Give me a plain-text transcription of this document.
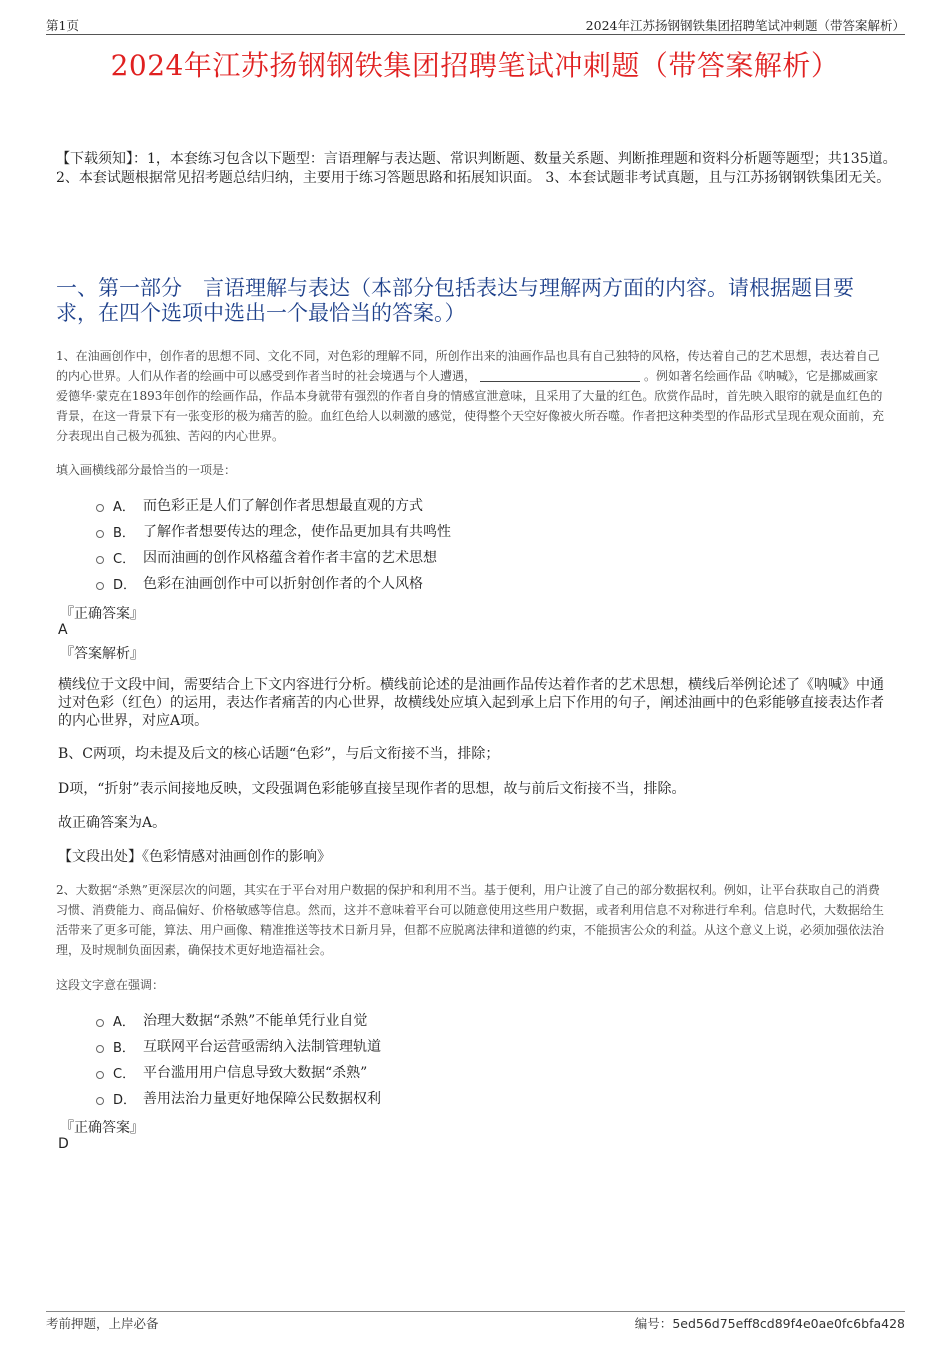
第1页	2024年江苏扬钢钢铁集团招聘笔试冲刺题（带答案解析）
2024年江苏扬钢钢铁集团招聘笔试冲刺题（带答案解析）
【下载须知】：1，本套练习包含以下题型：言语理解与表达题、常识判断题、数量关系题、判断推理题和资料分析题等题型；共135道。 2、本套试题根据常见招考题总结归纳，主要用于练习答题思路和拓展知识面。 3、本套试题非考试真题，且与江苏扬钢钢铁集团无关。
一、第一部分　言语理解与表达（本部分包括表达与理解两方面的内容。请根据题目要求，在四个选项中选出一个最恰当的答案。）
1、在油画创作中，创作者的思想不同、文化不同，对色彩的理解不同，所创作出来的油画作品也具有自己独特的风格，传达着自己的艺术思想，表达着自己的内心世界。人们从作者的绘画中可以感受到作者当时的社会境遇与个人遭遇，	。例如著名绘画作品《呐喊》，它是挪威画家爱德华·蒙克在1893年创作的绘画作品，作品本身就带有强烈的作者自身的情感宣泄意味，且采用了大量的红色。欣赏作品时，首先映入眼帘的就是血红色的背景，在这一背景下有一张变形的极为痛苦的脸。血红色给人以刺激的感觉，使得整个天空好像被火所吞噬。作者把这种类型的作品形式呈现在观众面前，充分表现出自己极为孤独、苦闷的内心世界。
填入画横线部分最恰当的一项是：
A． 而色彩正是人们了解创作者思想最直观的方式
B． 了解作者想要传达的理念，使作品更加具有共鸣性
C． 因而油画的创作风格蕴含着作者丰富的艺术思想
D． 色彩在油画创作中可以折射创作者的个人风格
『正确答案』
A
『答案解析』
横线位于文段中间，需要结合上下文内容进行分析。横线前论述的是油画作品传达着作者的艺术思想，横线后举例论述了《呐喊》中通过对色彩（红色）的运用，表达作者痛苦的内心世界，故横线处应填入起到承上启下作用的句子，阐述油画中的色彩能够直接表达作者的内心世界，对应A项。
B、C两项，均未提及后文的核心话题“色彩”，与后文衔接不当，排除；
D项，“折射”表示间接地反映，文段强调色彩能够直接呈现作者的思想，故与前后文衔接不当，排除。
故正确答案为A。
【文段出处】《色彩情感对油画创作的影响》
2、大数据“杀熟”更深层次的问题，其实在于平台对用户数据的保护和利用不当。基于便利，用户让渡了自己的部分数据权利。例如，让平台获取自己的消费习惯、消费能力、商品偏好、价格敏感等信息。然而，这并不意味着平台可以随意使用这些用户数据，或者利用信息不对称进行牟利。信息时代，大数据给生活带来了更多可能，算法、用户画像、精准推送等技术日新月异，但都不应脱离法律和道德的约束，不能损害公众的利益。从这个意义上说，必须加强依法治理，及时规制负面因素，确保技术更好地造福社会。
这段文字意在强调：
A． 治理大数据“杀熟”不能单凭行业自觉
B． 互联网平台运营亟需纳入法制管理轨道
C． 平台滥用用户信息导致大数据“杀熟”
D． 善用法治力量更好地保障公民数据权利
『正确答案』
D
考前押题，上岸必备	编号：5ed56d75eff8cd89f4e0ae0fc6bfa428
